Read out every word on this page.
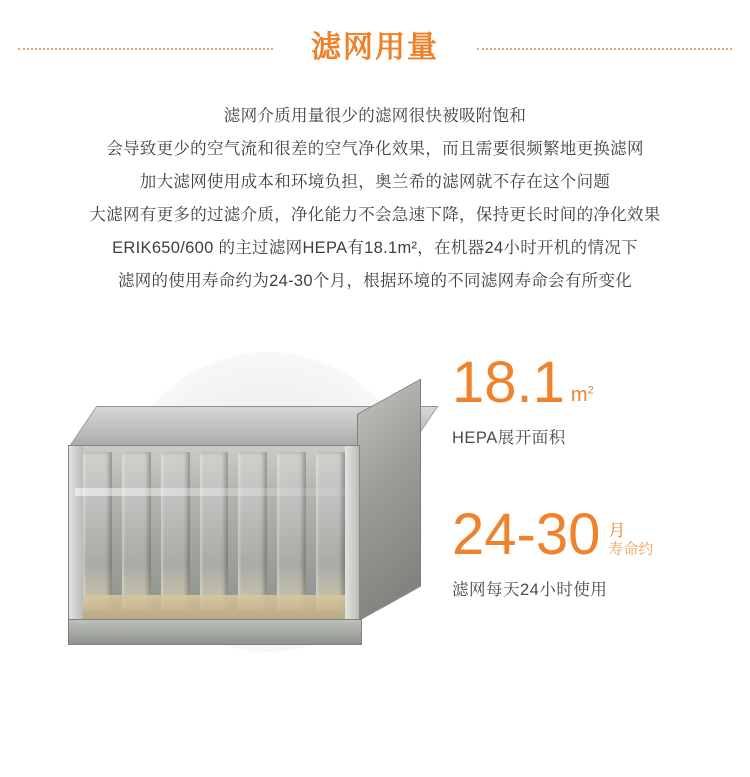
滤网用量

滤网介质用量很少的滤网很快被吸附饱和

会导致更少的空气流和很差的空气净化效果，而且需要很频繁地更换滤网

加大滤网使用成本和环境负担，奥兰希的滤网就不存在这个问题

大滤网有更多的过滤介质，净化能力不会急速下降，保持更长时间的净化效果

ERIK650/600 的主过滤网HEPA有18.1m²，在机器24小时开机的情况下

滤网的使用寿命约为24-30个月，根据环境的不同滤网寿命会有所变化

18.1 $m^2$
HEPA展开面积
24-30 月
寿命约
滤网每天24小时使用
